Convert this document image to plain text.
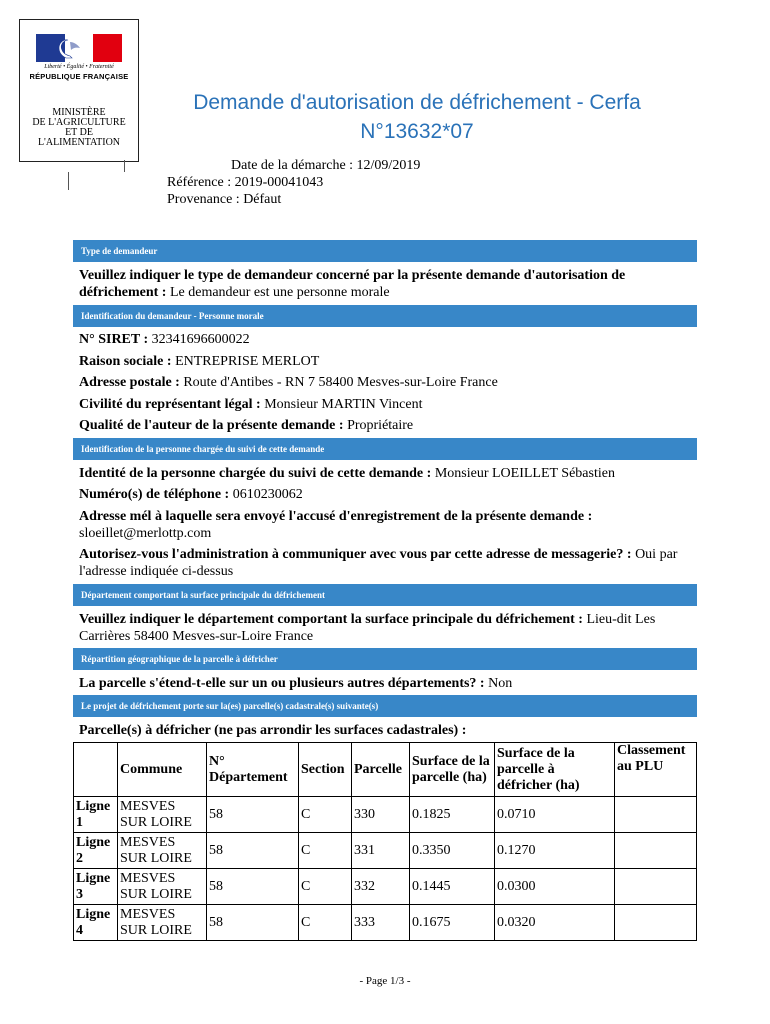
Liberté • Égalité • Fraternité
RÉPUBLIQUE FRANÇAISE
MINISTÈRE
DE L'AGRICULTURE
ET DE
L'ALIMENTATION
Demande d'autorisation de défrichement - Cerfa
N°13632*07
Date de la démarche : 12/09/2019
Référence : 2019-00041043
Provenance : Défaut
Type de demandeur
Veuillez indiquer le type de demandeur concerné par la présente demande d'autorisation de défrichement : Le demandeur est une personne morale
Identification du demandeur - Personne morale
N° SIRET : 32341696600022
Raison sociale : ENTREPRISE MERLOT
Adresse postale : Route d'Antibes - RN 7 58400 Mesves-sur-Loire France
Civilité du représentant légal : Monsieur MARTIN Vincent
Qualité de l'auteur de la présente demande : Propriétaire
Identification de la personne chargée du suivi de cette demande
Identité de la personne chargée du suivi de cette demande : Monsieur LOEILLET Sébastien
Numéro(s) de téléphone : 0610230062
Adresse mél à laquelle sera envoyé l'accusé d'enregistrement de la présente demande : sloeillet@merlottp.com
Autorisez-vous l'administration à communiquer avec vous par cette adresse de messagerie? : Oui par l'adresse indiquée ci-dessus
Département comportant la surface principale du défrichement
Veuillez indiquer le département comportant la surface principale du défrichement : Lieu-dit Les Carrières 58400 Mesves-sur-Loire France
Répartition géographique de la parcelle à défricher
La parcelle s'étend-t-elle sur un ou plusieurs autres départements? : Non
Le projet de défrichement porte sur la(es) parcelle(s) cadastrale(s) suivante(s)
Parcelle(s) à défricher (ne pas arrondir les surfaces cadastrales) :
	Commune	N° Département	Section	Parcelle	Surface de la parcelle (ha)	Surface de la parcelle à défricher (ha)	Classement au PLU
Ligne 1	MESVES SUR LOIRE	58	C	330	0.1825	0.0710	
Ligne 2	MESVES SUR LOIRE	58	C	331	0.3350	0.1270	
Ligne 3	MESVES SUR LOIRE	58	C	332	0.1445	0.0300	
Ligne 4	MESVES SUR LOIRE	58	C	333	0.1675	0.0320	
- Page 1/3 -
